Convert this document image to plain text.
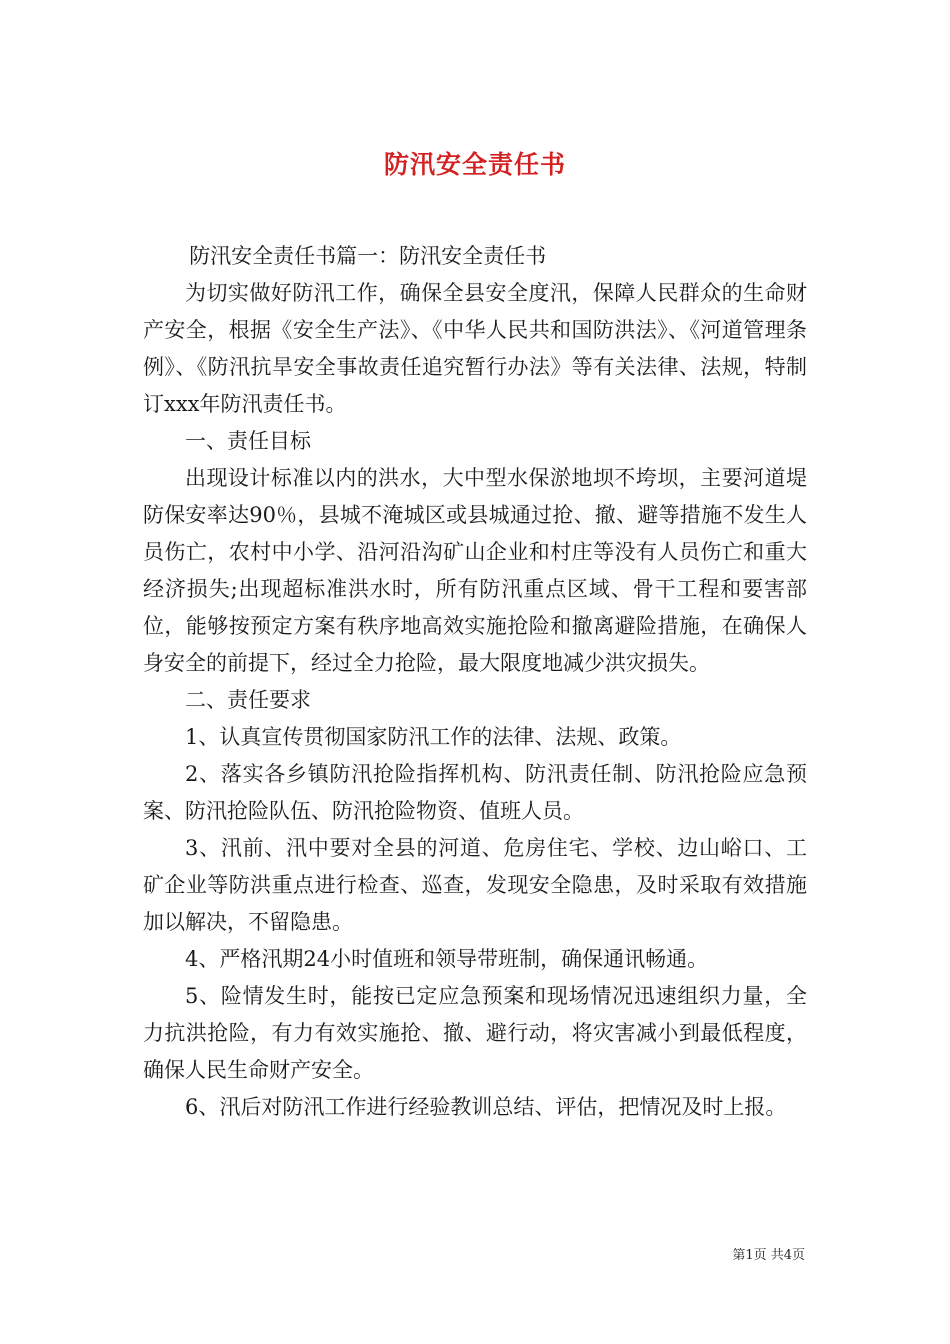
防汛安全责任书

防汛安全责任书篇一：防汛安全责任书

为切实做好防汛工作，确保全县安全度汛，保障人民群众的生命财产安全，根据《安全生产法》、《中华人民共和国防洪法》、《河道管理条例》、《防汛抗旱安全事故责任追究暂行办法》等有关法律、法规，特制订xxx年防汛责任书。

一、责任目标

出现设计标准以内的洪水，大中型水保淤地坝不垮坝，主要河道堤防保安率达90％，县城不淹城区或县城通过抢、撤、避等措施不发生人员伤亡，农村中小学、沿河沿沟矿山企业和村庄等没有人员伤亡和重大经济损失;出现超标准洪水时，所有防汛重点区域、骨干工程和要害部位，能够按预定方案有秩序地高效实施抢险和撤离避险措施，在确保人身安全的前提下，经过全力抢险，最大限度地减少洪灾损失。

二、责任要求

1、认真宣传贯彻国家防汛工作的法律、法规、政策。

2、落实各乡镇防汛抢险指挥机构、防汛责任制、防汛抢险应急预案、防汛抢险队伍、防汛抢险物资、值班人员。

3、汛前、汛中要对全县的河道、危房住宅、学校、边山峪口、工矿企业等防洪重点进行检查、巡查，发现安全隐患，及时采取有效措施加以解决，不留隐患。

4、严格汛期24小时值班和领导带班制，确保通讯畅通。

5、险情发生时，能按已定应急预案和现场情况迅速组织力量，全力抗洪抢险，有力有效实施抢、撤、避行动，将灾害减小到最低程度，确保人民生命财产安全。

6、汛后对防汛工作进行经验教训总结、评估，把情况及时上报。

第1页 共4页
